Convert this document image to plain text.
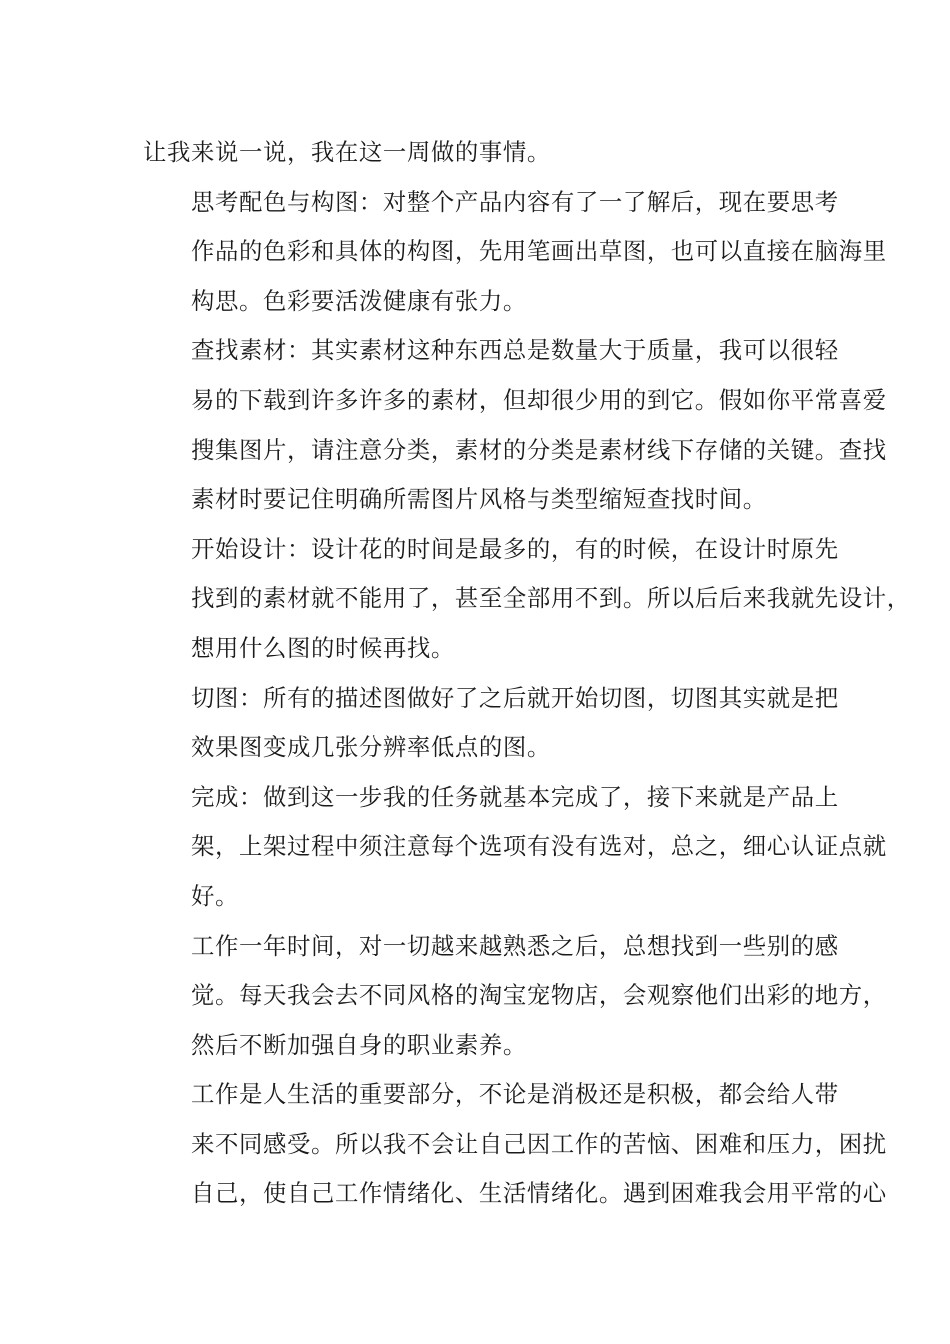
让我来说一说，我在这一周做的事情。

思考配色与构图：对整个产品内容有了一了解后，现在要思考
作品的色彩和具体的构图，先用笔画出草图，也可以直接在脑海里
构思。色彩要活泼健康有张力。

查找素材：其实素材这种东西总是数量大于质量，我可以很轻
易的下载到许多许多的素材，但却很少用的到它。假如你平常喜爱
搜集图片，请注意分类，素材的分类是素材线下存储的关键。查找
素材时要记住明确所需图片风格与类型缩短查找时间。

开始设计：设计花的时间是最多的，有的时候，在设计时原先
找到的素材就不能用了，甚至全部用不到。所以后后来我就先设计，
想用什么图的时候再找。

切图：所有的描述图做好了之后就开始切图，切图其实就是把
效果图变成几张分辨率低点的图。

完成：做到这一步我的任务就基本完成了，接下来就是产品上
架，上架过程中须注意每个选项有没有选对，总之，细心认证点就
好。

工作一年时间，对一切越来越熟悉之后，总想找到一些别的感
觉。每天我会去不同风格的淘宝宠物店，会观察他们出彩的地方，
然后不断加强自身的职业素养。

工作是人生活的重要部分，不论是消极还是积极，都会给人带
来不同感受。所以我不会让自己因工作的苦恼、困难和压力，困扰
自己，使自己工作情绪化、生活情绪化。遇到困难我会用平常的心
